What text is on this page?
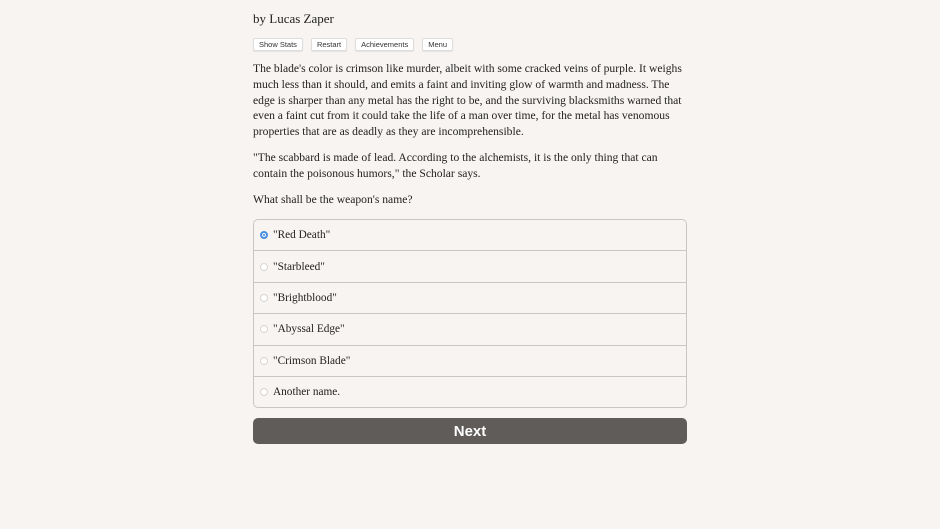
by Lucas Zaper
Show Stats	Restart	Achievements	Menu

The blade's color is crimson like murder, albeit with some cracked veins of purple. It weighs much less than it should, and emits a faint and inviting glow of warmth and madness. The edge is sharper than any metal has the right to be, and the surviving blacksmiths warned that even a faint cut from it could take the life of a man over time, for the metal has venomous properties that are as deadly as they are incomprehensible.

"The scabbard is made of lead. According to the alchemists, it is the only thing that can contain the poisonous humors," the Scholar says.

What shall be the weapon's name?

"Red Death"
"Starbleed"
"Brightblood"
"Abyssal Edge"
"Crimson Blade"
Another name.
Next
